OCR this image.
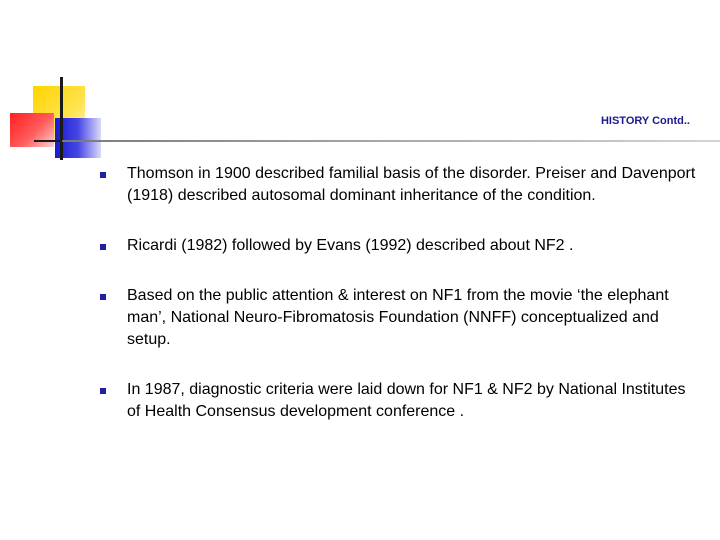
HISTORY Contd..
Thomson in 1900 described familial basis of the disorder. Preiser and Davenport (1918) described autosomal dominant inheritance of the condition.
Ricardi (1982) followed by Evans (1992) described about NF2 .
Based on the public attention & interest on NF1 from the movie ‘the elephant man’, National Neuro-Fibromatosis Foundation (NNFF) conceptualized and setup.
In 1987, diagnostic criteria were laid down for NF1 & NF2 by National Institutes of Health Consensus development conference .
